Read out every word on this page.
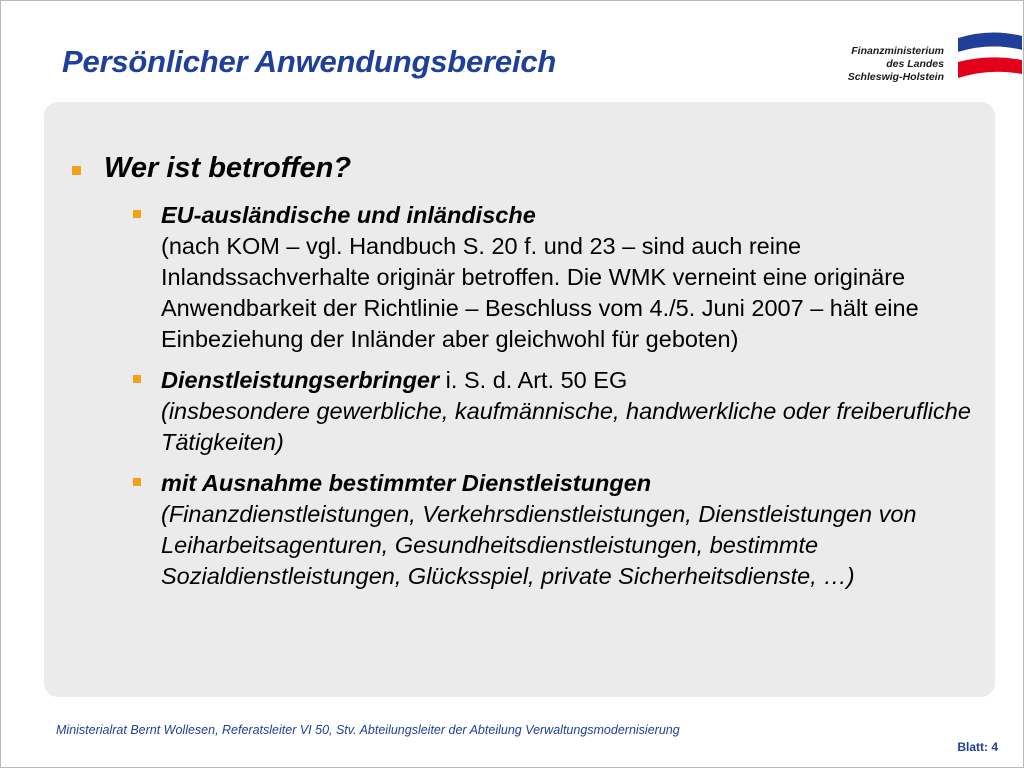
Persönlicher Anwendungsbereich	Finanzministerium
des Landes
Schleswig-Holstein
Wer ist betroffen?
EU-ausländische und inländische
(nach KOM – vgl. Handbuch S. 20 f. und 23 – sind auch reine Inlandssachverhalte originär betroffen. Die WMK verneint eine originäre Anwendbarkeit der Richtlinie – Beschluss vom 4./5. Juni 2007 – hält eine Einbeziehung der Inländer aber gleichwohl für geboten)
Dienstleistungserbringer i. S. d. Art. 50 EG
(insbesondere gewerbliche, kaufmännische, handwerkliche oder freiberufliche Tätigkeiten)
mit Ausnahme bestimmter Dienstleistungen
(Finanzdienstleistungen, Verkehrsdienstleistungen, Dienstleistungen von Leiharbeitsagenturen, Gesundheitsdienstleistungen, bestimmte Sozialdienstleistungen, Glücksspiel, private Sicherheitsdienste, …)
Ministerialrat Bernt Wollesen, Referatsleiter VI 50, Stv. Abteilungsleiter der Abteilung Verwaltungsmodernisierung
Blatt: 4
